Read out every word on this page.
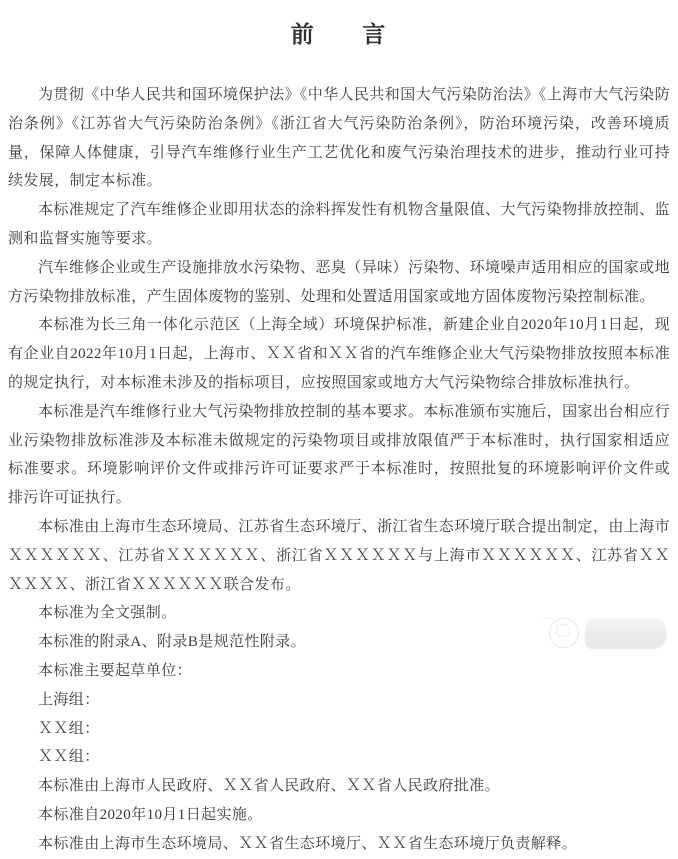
前      言

为贯彻《中华人民共和国环境保护法》《中华人民共和国大气污染防治法》《上海市大气污染防治条例》《江苏省大气污染防治条例》《浙江省大气污染防治条例》，防治环境污染，改善环境质量，保障人体健康，引导汽车维修行业生产工艺优化和废气污染治理技术的进步，推动行业可持续发展，制定本标准。

本标准规定了汽车维修企业即用状态的涂料挥发性有机物含量限值、大气污染物排放控制、监测和监督实施等要求。

汽车维修企业或生产设施排放水污染物、恶臭（异味）污染物、环境噪声适用相应的国家或地方污染物排放标准，产生固体废物的鉴别、处理和处置适用国家或地方固体废物污染控制标准。

本标准为长三角一体化示范区（上海全域）环境保护标准，新建企业自2020年10月1日起，现有企业自2022年10月1日起，上海市、ＸＸ省和ＸＸ省的汽车维修企业大气污染物排放按照本标准的规定执行，对本标准未涉及的指标项目，应按照国家或地方大气污染物综合排放标准执行。

本标准是汽车维修行业大气污染物排放控制的基本要求。本标准颁布实施后，国家出台相应行业污染物排放标准涉及本标准未做规定的污染物项目或排放限值严于本标准时，执行国家相适应标准要求。环境影响评价文件或排污许可证要求严于本标准时，按照批复的环境影响评价文件或排污许可证执行。

本标准由上海市生态环境局、江苏省生态环境厅、浙江省生态环境厅联合提出制定，由上海市ＸＸＸＸＸＸ、江苏省ＸＸＸＸＸＸ、浙江省ＸＸＸＸＸＸ与上海市ＸＸＸＸＸＸ、江苏省ＸＸＸＸＸＸ、浙江省ＸＸＸＸＸＸ联合发布。

本标准为全文强制。

本标准的附录A、附录B是规范性附录。

本标准主要起草单位：

上海组：

ＸＸ组：

ＸＸ组：

本标准由上海市人民政府、ＸＸ省人民政府、ＸＸ省人民政府批准。

本标准自2020年10月1日起实施。

本标准由上海市生态环境局、ＸＸ省生态环境厅、ＸＸ省生态环境厅负责解释。
